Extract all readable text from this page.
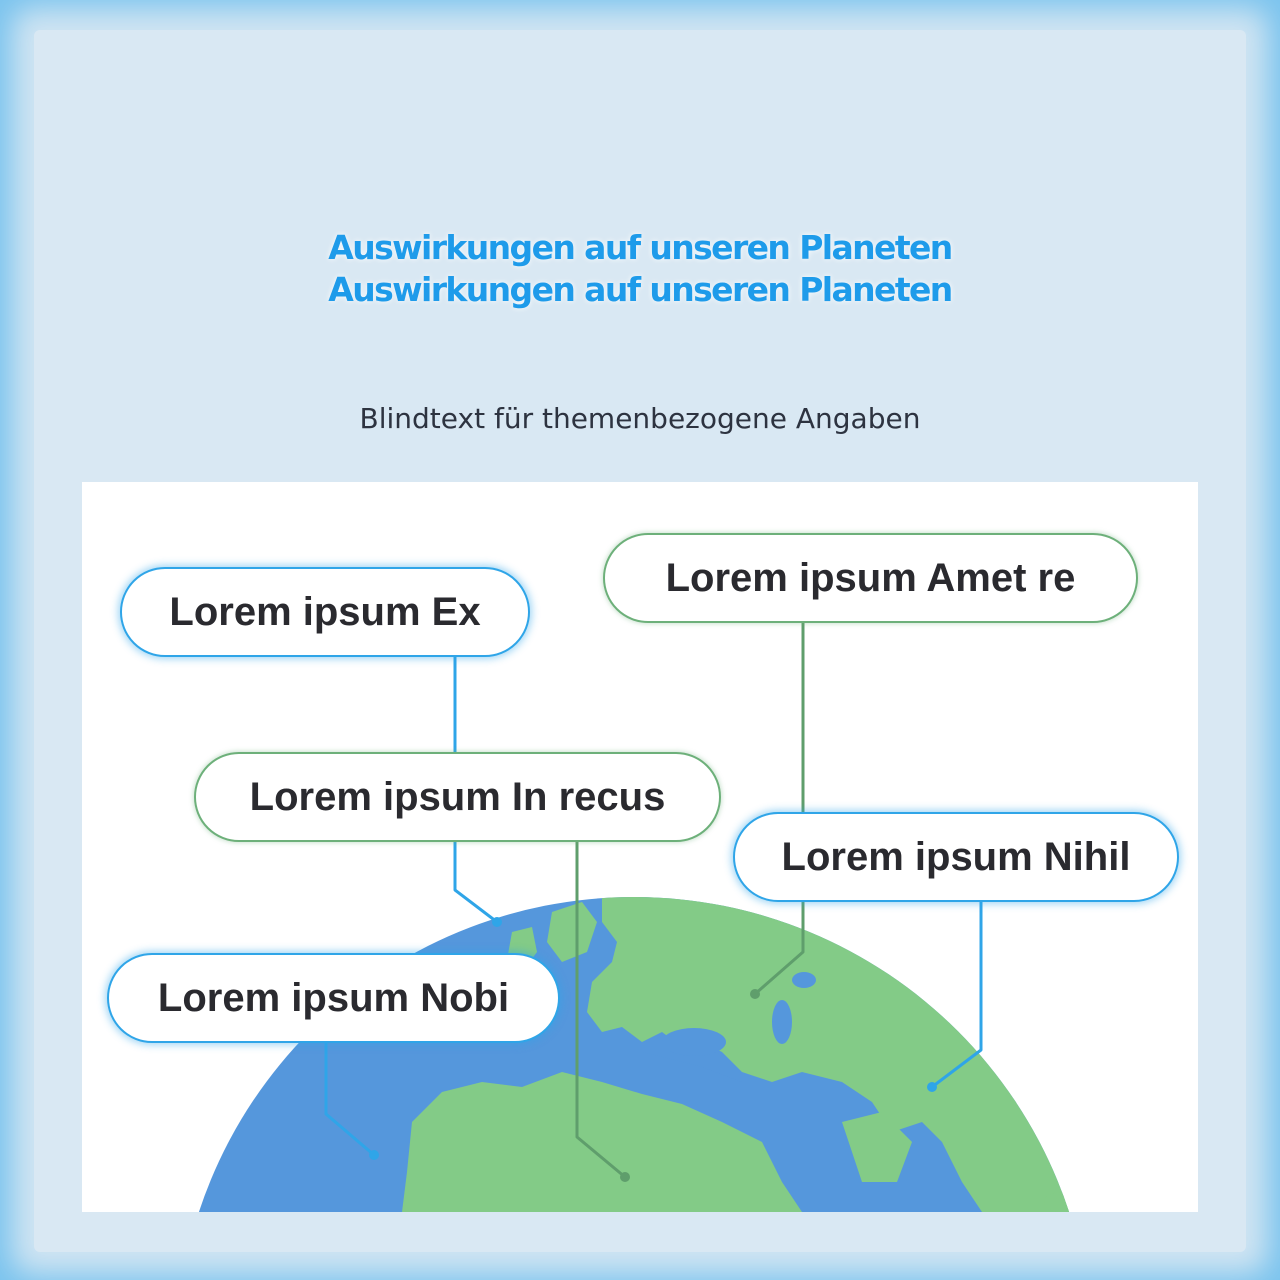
Auswirkungen auf unseren Planeten
Auswirkungen auf unseren Planeten
Blindtext für themenbezogene Angaben
Lorem ipsum Ex
Lorem ipsum Amet re
Lorem ipsum In recus
Lorem ipsum Nihil
Lorem ipsum Nobi
